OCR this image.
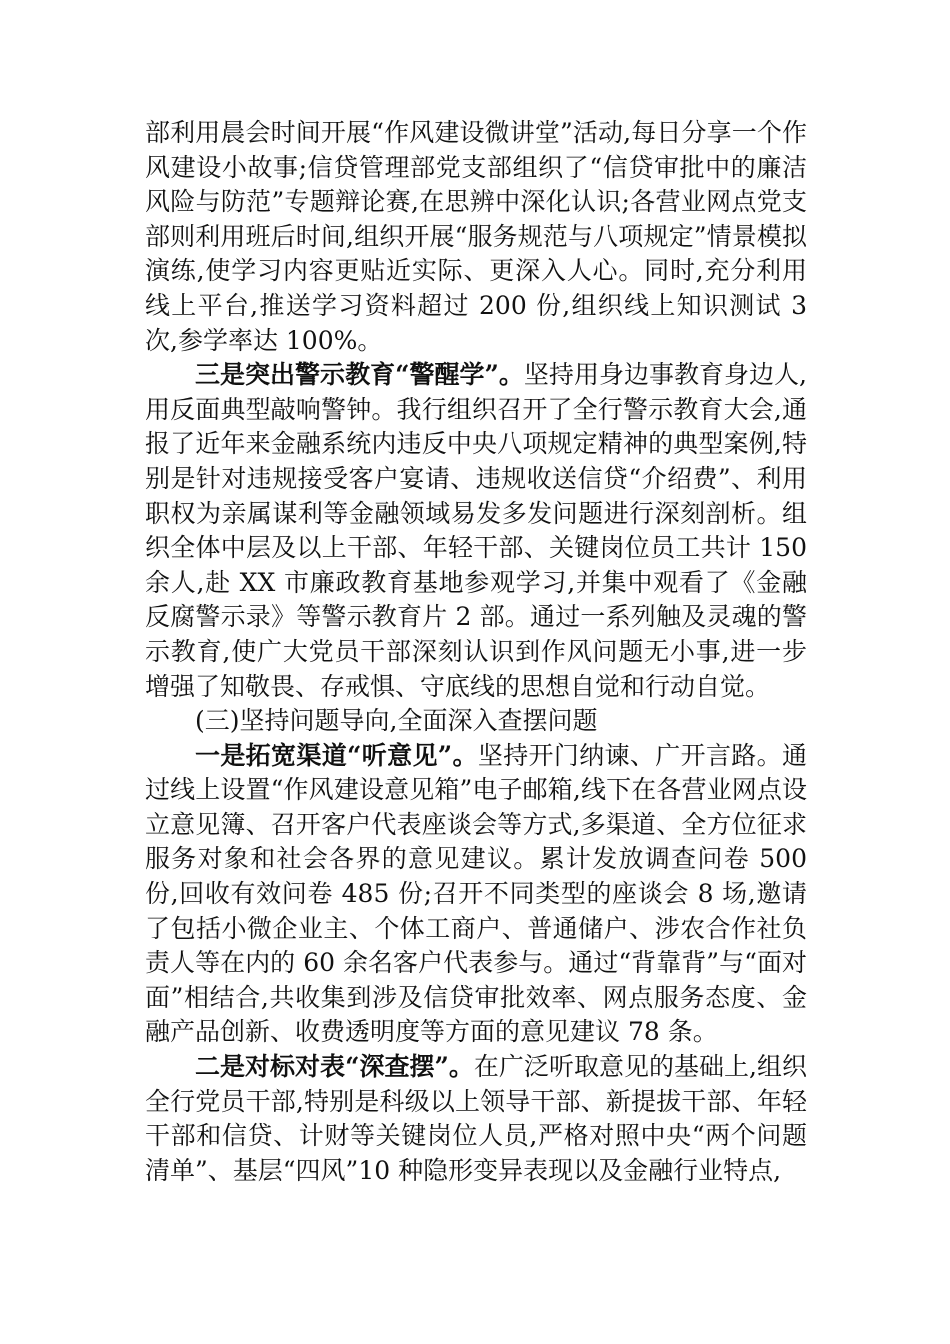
部利用晨会时间开展“作风建设微讲堂”活动,每日分享一个作风建设小故事;信贷管理部党支部组织了“信贷审批中的廉洁风险与防范”专题辩论赛,在思辨中深化认识;各营业网点党支部则利用班后时间,组织开展“服务规范与八项规定”情景模拟演练,使学习内容更贴近实际、更深入人心。同时,充分利用线上平台,推送学习资料超过 200 份,组织线上知识测试 3 次,参学率达 100%。

三是突出警示教育“警醒学”。坚持用身边事教育身边人,用反面典型敲响警钟。我行组织召开了全行警示教育大会,通报了近年来金融系统内违反中央八项规定精神的典型案例,特别是针对违规接受客户宴请、违规收送信贷“介绍费”、利用职权为亲属谋利等金融领域易发多发问题进行深刻剖析。组织全体中层及以上干部、年轻干部、关键岗位员工共计 150 余人,赴 XX 市廉政教育基地参观学习,并集中观看了《金融反腐警示录》等警示教育片 2 部。通过一系列触及灵魂的警示教育,使广大党员干部深刻认识到作风问题无小事,进一步增强了知敬畏、存戒惧、守底线的思想自觉和行动自觉。

(三)坚持问题导向,全面深入查摆问题

一是拓宽渠道“听意见”。坚持开门纳谏、广开言路。通过线上设置“作风建设意见箱”电子邮箱,线下在各营业网点设立意见簿、召开客户代表座谈会等方式,多渠道、全方位征求服务对象和社会各界的意见建议。累计发放调查问卷 500 份,回收有效问卷 485 份;召开不同类型的座谈会 8 场,邀请了包括小微企业主、个体工商户、普通储户、涉农合作社负责人等在内的 60 余名客户代表参与。通过“背靠背”与“面对面”相结合,共收集到涉及信贷审批效率、网点服务态度、金融产品创新、收费透明度等方面的意见建议 78 条。

二是对标对表“深查摆”。在广泛听取意见的基础上,组织全行党员干部,特别是科级以上领导干部、新提拔干部、年轻干部和信贷、计财等关键岗位人员,严格对照中央“两个问题清单”、基层“四风”10 种隐形变异表现以及金融行业特点,
